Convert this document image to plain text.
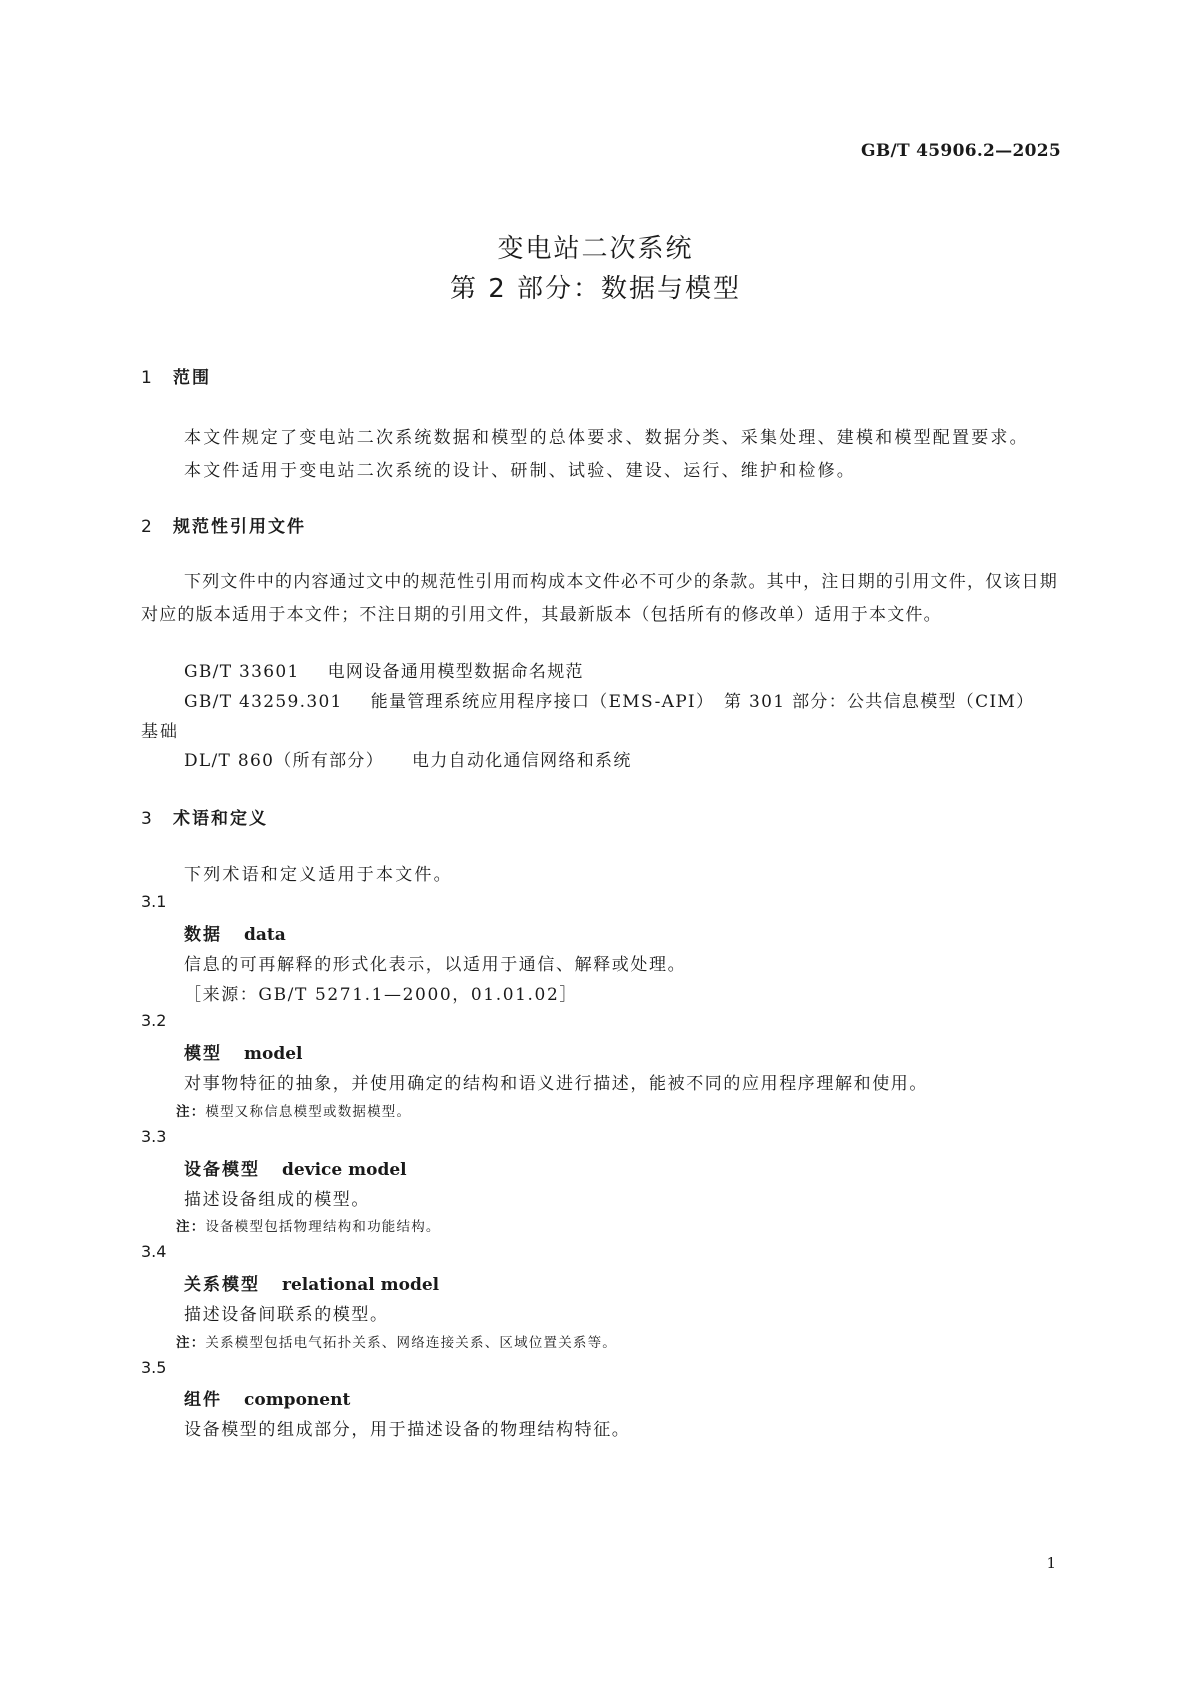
GB/T 45906.2—2025
变电站二次系统
第 2 部分：数据与模型
1 范围
本文件规定了变电站二次系统数据和模型的总体要求、数据分类、采集处理、建模和模型配置要求。
本文件适用于变电站二次系统的设计、研制、试验、建设、运行、维护和检修。
2 规范性引用文件
下列文件中的内容通过文中的规范性引用而构成本文件必不可少的条款。其中，注日期的引用文件，仅该日期对应的版本适用于本文件；不注日期的引用文件，其最新版本（包括所有的修改单）适用于本文件。
GB/T 33601 电网设备通用模型数据命名规范
GB/T 43259.301 能量管理系统应用程序接口（EMS-API）　第 301 部分：公共信息模型（CIM）
基础
DL/T 860（所有部分） 电力自动化通信网络和系统
3 术语和定义
下列术语和定义适用于本文件。
3.1
数据 data
信息的可再解释的形式化表示，以适用于通信、解释或处理。
［来源：GB/T 5271.1—2000，01.01.02］
3.2
模型 model
对事物特征的抽象，并使用确定的结构和语义进行描述，能被不同的应用程序理解和使用。
注：模型又称信息模型或数据模型。
3.3
设备模型 device model
描述设备组成的模型。
注：设备模型包括物理结构和功能结构。
3.4
关系模型 relational model
描述设备间联系的模型。
注：关系模型包括电气拓扑关系、网络连接关系、区域位置关系等。
3.5
组件 component
设备模型的组成部分，用于描述设备的物理结构特征。
1
